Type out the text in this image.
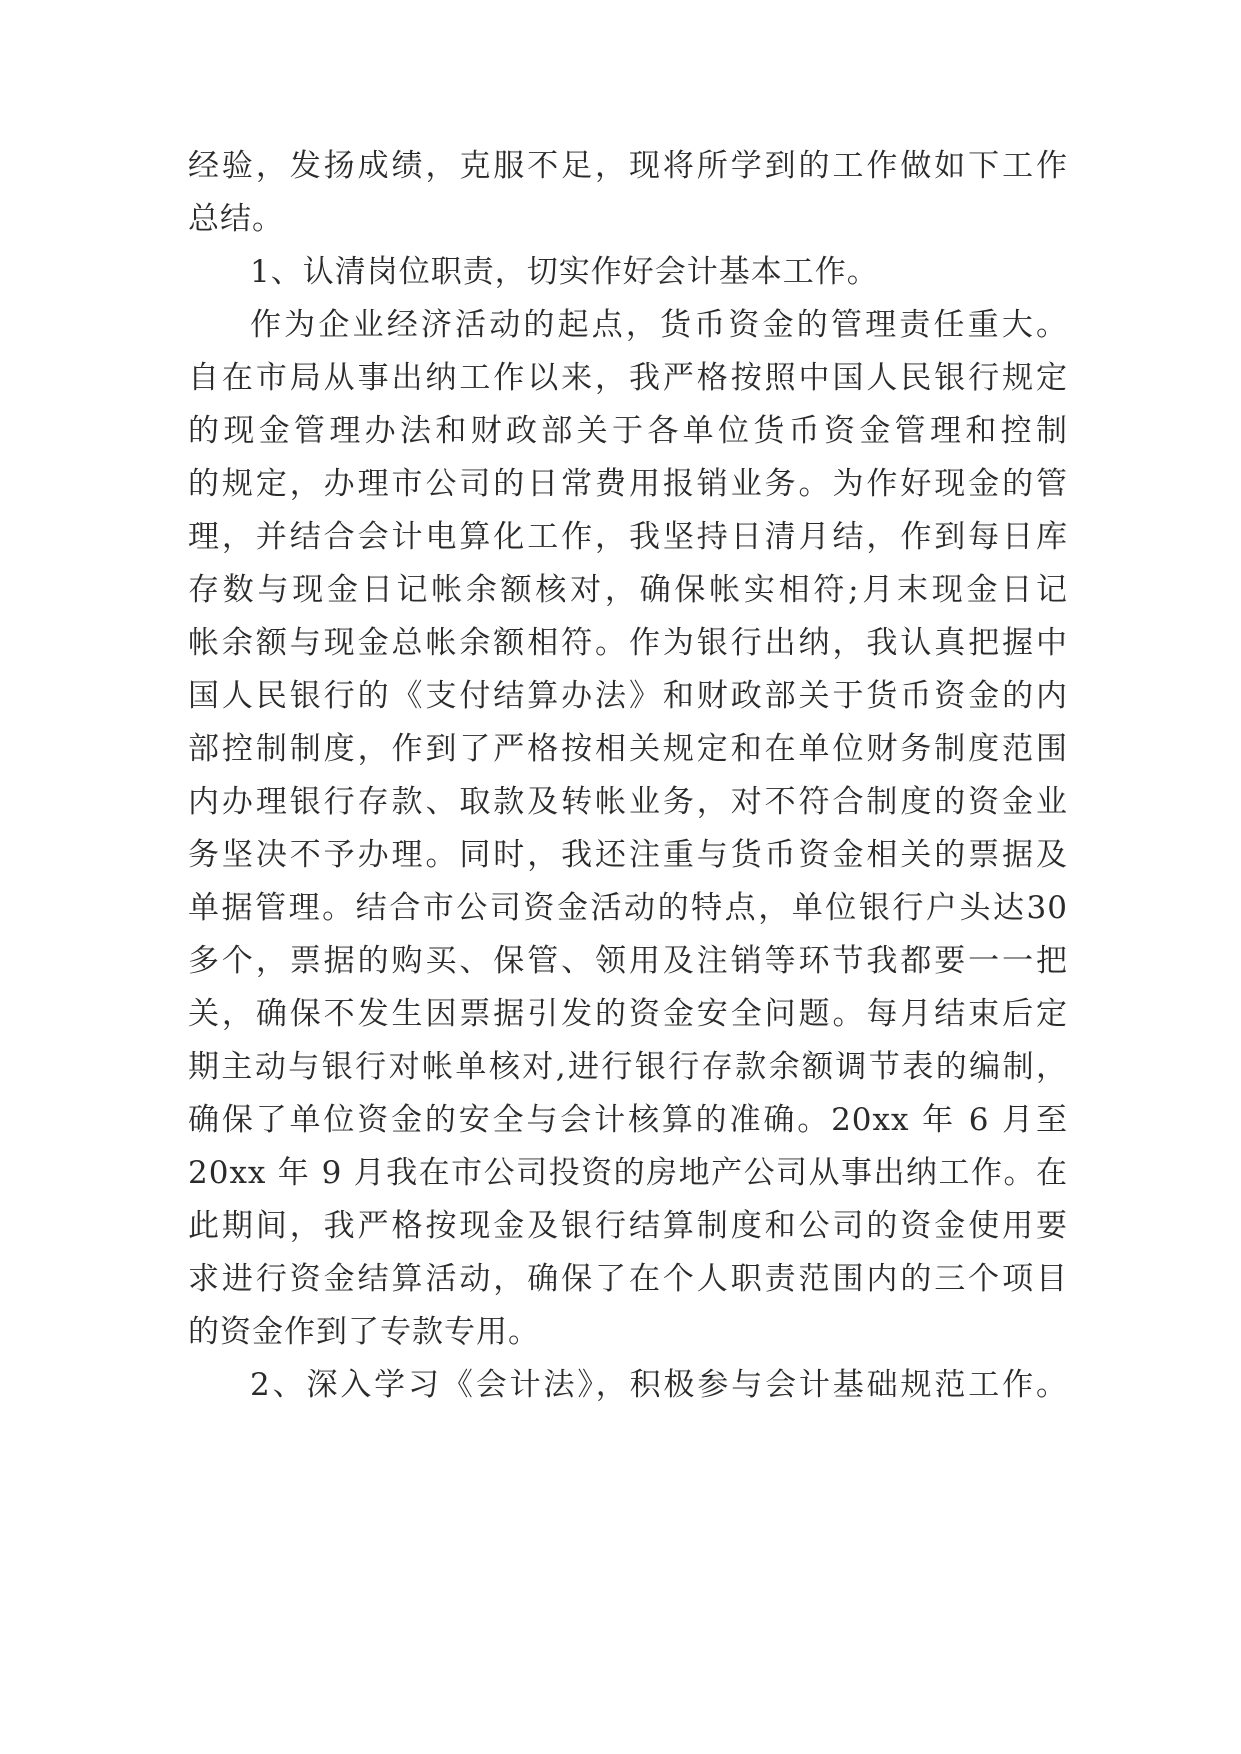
经验，发扬成绩，克服不足，现将所学到的工作做如下工作
总结。
1、认清岗位职责，切实作好会计基本工作。
作为企业经济活动的起点，货币资金的管理责任重大。
自在市局从事出纳工作以来，我严格按照中国人民银行规定
的现金管理办法和财政部关于各单位货币资金管理和控制
的规定，办理市公司的日常费用报销业务。为作好现金的管
理，并结合会计电算化工作，我坚持日清月结，作到每日库
存数与现金日记帐余额核对，确保帐实相符;月末现金日记
帐余额与现金总帐余额相符。作为银行出纳，我认真把握中
国人民银行的《支付结算办法》和财政部关于货币资金的内
部控制制度，作到了严格按相关规定和在单位财务制度范围
内办理银行存款、取款及转帐业务，对不符合制度的资金业
务坚决不予办理。同时，我还注重与货币资金相关的票据及
单据管理。结合市公司资金活动的特点，单位银行户头达30
多个，票据的购买、保管、领用及注销等环节我都要一一把
关，确保不发生因票据引发的资金安全问题。每月结束后定
期主动与银行对帐单核对,进行银行存款余额调节表的编制，
确保了单位资金的安全与会计核算的准确。20xx 年 6 月至
20xx 年 9 月我在市公司投资的房地产公司从事出纳工作。在
此期间，我严格按现金及银行结算制度和公司的资金使用要
求进行资金结算活动，确保了在个人职责范围内的三个项目
的资金作到了专款专用。
2、深入学习《会计法》，积极参与会计基础规范工作。
